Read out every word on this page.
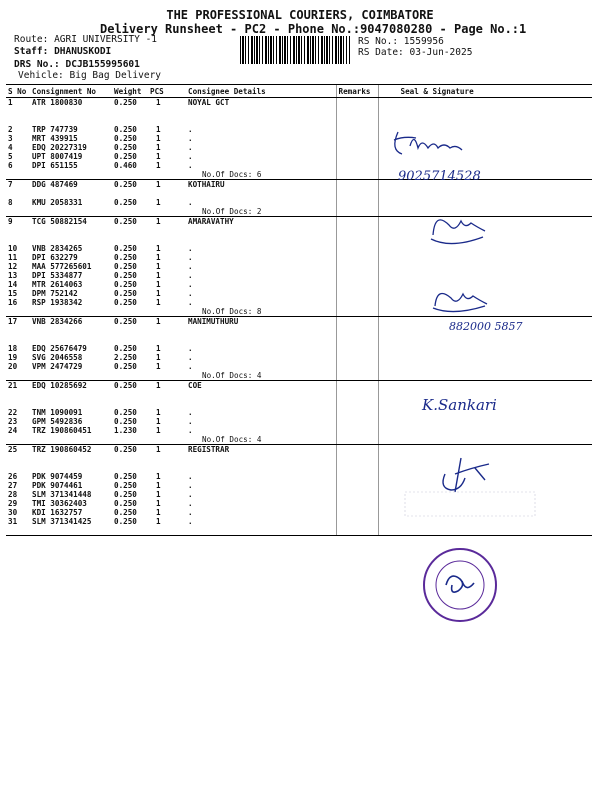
THE PROFESSIONAL COURIERS, COIMBATORE
Delivery Runsheet - PC2 - Phone No.:9047080280 - Page No.:1
Route: AGRI UNIVERSITY -1
Staff: DHANUSKODI
DRS No.: DCJB155995601
Vehicle: Big Bag Delivery
RS No.: 1559956
RS Date: 03-Jun-2025
S No	Consignment No	Weight	PCS	Consignee Details	Remarks	Seal & Signature
1	ATR 1800830	0.250	1	NOYAL GCT		

2	TRP 747739	0.250	1	.		
3	MRT 439915	0.250	1	.		
4	EDQ 20227319	0.250	1	.		
5	UPT 8007419	0.250	1	.		
6	DPI 651155	0.460	1	.		
				No.Of Docs: 6		
7	DDG 487469	0.250	1	KOTHAIRU		

8	KMU 2058331	0.250	1	.		
				No.Of Docs: 2		
9	TCG 50882154	0.250	1	AMARAVATHY		

10	VNB 2834265	0.250	1	.		
11	DPI 632279	0.250	1	.		
12	MAA 577265601	0.250	1	.		
13	DPI 5334877	0.250	1	.		
14	MTR 2614063	0.250	1	.		
15	DPM 752142	0.250	1	.		
16	RSP 1938342	0.250	1	.		
				No.Of Docs: 8		
17	VNB 2834266	0.250	1	MANIMUTHURU		

18	EDQ 25676479	0.250	1	.		
19	SVG 2046558	2.250	1	.		
20	VPM 2474729	0.250	1	.		
				No.Of Docs: 4		
21	EDQ 10285692	0.250	1	COE		

22	TNM 1090091	0.250	1	.		
23	GPM 5492836	0.250	1	.		
24	TRZ 190860451	1.230	1	.		
				No.Of Docs: 4		
25	TRZ 190860452	0.250	1	REGISTRAR		

26	PDK 9074459	0.250	1	.		
27	PDK 9074461	0.250	1	.		
28	SLM 371341448	0.250	1	.		
29	TMI 30362403	0.250	1	.		
30	KDI 1632757	0.250	1	.		
31	SLM 371341425	0.250	1	.		

9025714528
882000 5857
K.Sankari
